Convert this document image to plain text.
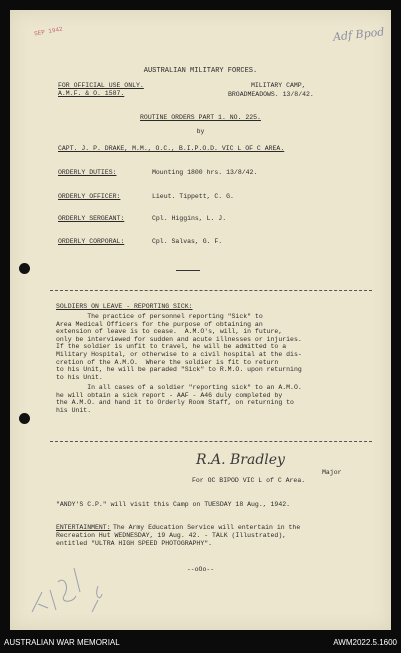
SEP 1942	Adf Bpod
AUSTRALIAN MILITARY FORCES.
FOR OFFICIAL USE ONLY.
A.M.F. & O. 1587.
MILITARY CAMP,
BROADMEADOWS. 13/8/42.
ROUTINE ORDERS PART 1. NO. 225.
by
CAPT. J. P. DRAKE, M.M., O.C., B.I.P.O.D. VIC L OF C AREA.
ORDERLY DUTIES:	Mounting 1800 hrs. 13/8/42.
ORDERLY OFFICER:	Lieut. Tippett, C. G.
ORDERLY SERGEANT:	Cpl. Higgins, L. J.
ORDERLY CORPORAL:	Cpl. Salvas, G. F.
SOLDIERS ON LEAVE - REPORTING SICK:
The practice of personnel reporting "Sick" to
Area Medical Officers for the purpose of obtaining an
extension of leave is to cease.  A.M.O's, will, in future,
only be interviewed for sudden and acute illnesses or injuries.
If the soldier is unfit to travel, he will be admitted to a
Military Hospital, or otherwise to a civil hospital at the dis-
cretion of the A.M.O.  Where the soldier is fit to return
to his Unit, he will be paraded "Sick" to R.M.O. upon returning
to his Unit.
In all cases of a soldier "reporting sick" to an A.M.O.
he will obtain a sick report - AAF - A46 duly completed by
the A.M.O. and hand it to Orderly Room Staff, on returning to
his Unit.
R.A. Bradley
Major
For OC BIPOD VIC L of C Area.
"ANDY'S C.P." will visit this Camp on TUESDAY 18 Aug., 1942.
ENTERTAINMENT: The Army Education Service will entertain in the
Recreation Hut WEDNESDAY, 19 Aug. 42. - TALK (Illustrated),
entitled "ULTRA HIGH SPEED PHOTOGRAPHY".
--oOo--
AUSTRALIAN WAR MEMORIAL	AWM2022.5.1600
